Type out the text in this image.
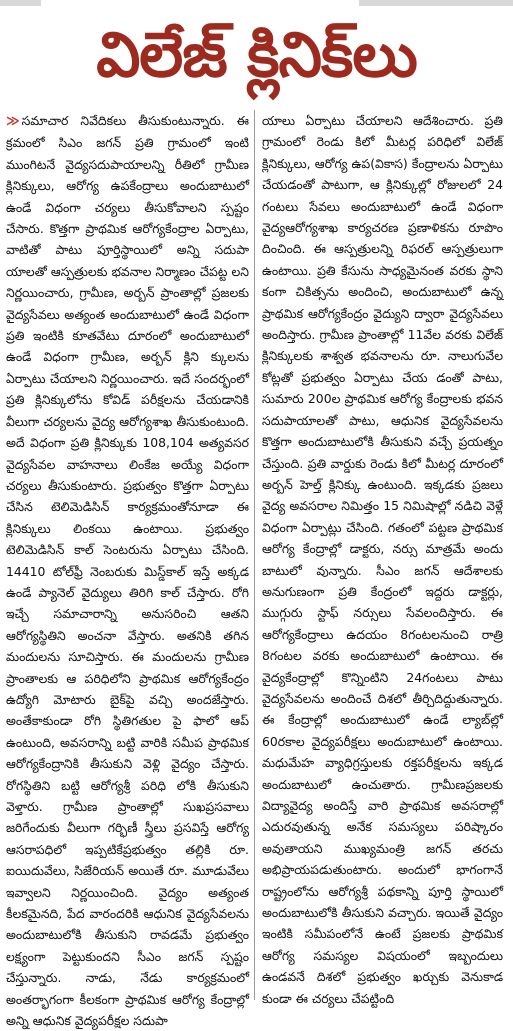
విలేజ్ క్లినిక్‌లు
≫ సమాచార నివేదికలు తీసుకుంటున్నారు. ఈ క్రమంలో సిఎం జగన్ ప్రతి గ్రామంలో ఇంటి ముంగిటనే వైద్యసదుపాయాలన్ని రీతిలో గ్రామీణ క్లినిక్కులు, ఆరోగ్య ఉపకేంద్రాలు అందుబాటులో ఉండే విధంగా చర్యలు తీసుకోవాలని స్పష్టం చేసారు. కొత్తగా ప్రాథమిక ఆరోగ్యకేంద్రాల ఏర్పాటు, వాటితో పాటు పూర్తిస్థాయిలో అన్ని సదుపా యాలతో ఆస్పత్రులకు భవనాల నిర్మాణం చేపట్ట లని నిర్ణయించారు, గ్రామీణ, అర్బన్ ప్రాంతాల్లో ప్రజలకు వైద్యసేవలు అత్యంత అందుబాటులో ఉండే విధంగా ప్రతి ఇంటికి కూతవేటు దూరంలో అందుబాటులో ఉండే విధంగా గ్రామీణ, అర్బన్ క్లిని క్కులను ఏర్పాటు చేయాలని నిర్ణయించారు. ఇదే సందర్భంలో ప్రతి క్లినిక్కులోను కోవిడ్ పరీక్షలను చేయడానికి వీలుగా చర్యలను వైద్య ఆరోగ్యశాఖ తీసుకుంటుంది. అదే విధంగా ప్రతి క్లినిక్కుకు 108,104 అత్యవసర వైద్యసేవల వాహనాలు లింకేజ అయ్యే విధంగా చర్యలు తీసుకుంటారు. ప్రభుత్వం కొత్తగా ఏర్పాటు చేసిన టెలిమెడిసిన్ కార్యక్రమంతోనూడా ఈ క్లినిక్కులు లింకయి ఉంటాయి. ప్రభుత్వం టెలిమెడిసిన్ కాల్ సెంటరును ఏర్పాటు చేసింది. 14410 టోల్‌ఫ్రీ నెంబరుకు మిస్డ్‌కాల్ ఇస్తే అక్కడ ఉండే ప్యానెల్ వైద్యులు తిరిగి కాల్ చేస్తారు. రోగి ఇచ్చే సమాచారాన్ని అనుసరించి ఆతని ఆరోగ్యస్థితిని అంచనా వేస్తారు. అతనికి తగిన మందులను సూచిస్తారు. ఈ మందులను గ్రామీణ ప్రాంతాలకు ఆ పరిధిలోని ప్రాథమిక ఆరోగ్యకేంద్రం ఉద్యోగి మోటారు బైక్‌పై వచ్చి అందజేస్తారు. అంతేకాకుండా రోగి స్థితిగతుల పై ఫాలో ఆప్ ఉంటుంది, అవసరాన్ని బట్టి వారికి సమీప ప్రాథమిక ఆరోగ్యకేంద్రానికి తీసుకుని వెళ్లి వైద్యం చేస్తారు. రోగస్థితిని బట్టి ఆరోగ్యశ్రీ పరిధి లోకి తీసుకుని వెళ్తారు. గ్రామీణ ప్రాంతాల్లో సుఖప్రసవాలు జరిగేందుకు వీలుగా గర్భిణీ స్త్రీలు ప్రసవిస్తే ఆరోగ్య ఆసరాపధిలో ఇప్పటికేప్రభుత్వం తల్లికి రూ. ఐయిదువేలు, సిజేరియన్ అయితే రూ. మూడువేలు ఇవ్వాలని నిర్ణయించింది. వైద్యం అత్యంత కీలకమైనది, పేద వారందరికి ఆధునిక వైద్యసేవలను అందుబాటులోకి తీసుకుని రావడమే ప్రభుత్వం లక్ష్యంగా పెట్టుకుందని సీఎం జగన్ స్పష్టం చేస్తున్నారు. నాడు, నేడు కార్యక్రమంలో అంతర్భాగంగా కీలకంగా ప్రాథమిక ఆరోగ్య కేంద్రాల్లో అన్ని ఆధునిక వైద్యపరీక్షల సదుపా
యాలు ఏర్పాటు చేయాలని ఆదేశించారు. ప్రతి గ్రామంలో రెండు కిలో మీటర్ల పరిధిలో విలేజ్ క్లినిక్కులు, ఆరోగ్య ఉప(వికాస) కేంద్రాలను ఏర్పాటు చేయడంతో పాటుగా, ఆ క్లినిక్కుల్లో రోజులలో 24 గంటలు సేవలు అందుబాటులో ఉండే విధంగా వైద్యఆరోగ్యశాఖ కార్యచరణ ప్రణాళికను రూపొం దించింది. ఈ ఆస్పత్రులన్ని రిఫరల్ ఆస్పత్రులుగా ఉంటాయి. ప్రతి కేసును సాధ్యమైనంత వరకు స్థాని కంగా చికిత్సను అందించి, అందుబాటులో ఉన్న ప్రాథమిక ఆరోగ్యకేంద్రం వైద్యుని ద్వారా వైద్యసేవలు అందిస్తారు. గ్రామీణ ప్రాంతాల్లో 11వేల వరకు విలేజ్ క్లినిక్కులకు శాశ్వత భవనాలను రూ. నాలుగువేల కోట్లతో ప్రభుత్వం ఏర్పాటు చేయ డంతో పాటు, సుమారు 200ల ప్రాథమిక ఆరోగ్య కేంద్రాలకు భవన సదుపాయాలతో పాటు, ఆధునిక వైద్యసేవలను కొత్తగా అందుబాటులోకి తీసుకుని వచ్చే ప్రయత్నం చేస్తుంది. ప్రతి వార్డుకు రెండు కిలో మీటర్ల దూరంలో అర్బన్ హెల్త్ క్లినిక్కు ఉంటుంది. ఇక్కడకు ప్రజలు వైద్య అవసరాల నిమిత్తం 15 నిమిషాల్లో నడిచి వెళ్లే విధంగా ఏర్పాట్లు చేసింది. గతంలో పట్టణ ప్రాథమిక ఆరోగ్య కేంద్రాల్లో డాక్టరు, నర్సు మాత్రమే అందు బాటులో వున్నారు. సీఎం జగన్ ఆదేశాలకు అనుగుణంగా ప్రతి కేంద్రంలో ఇద్దరు డాక్టర్లు, ముగ్గురు స్టాఫ్ నర్సులు సేవలందిస్తారు. ఈ ఆరోగ్యకేంద్రాలు ఉదయం 8గంటలనుంచి రాత్రి 8గంటల వరకు అందుబాటులో ఉంటాయి. ఈ వైద్యకేంద్రాల్లో కొన్నింటిని 24గంటలు పాటు వైద్యసేవలను అందించే దిశలో తీర్చిదిద్దుతున్నారు. ఈ కేంద్రాల్లో అందుబాటులో ఉండే ల్యాబ్‌ల్లో 60రకాల వైద్యపరీక్షలు అందుబాటులో ఉంటాయి. మధుమేహ వ్యాధిగ్రస్తులకు రక్తపరీక్షలను ఇక్కడ అందుబాటులో ఉంచుతారు. గ్రామీణప్రజలకు విద్యావైద్య అందిస్తే వారి ప్రాథమిక అవసరాల్లో ఎదురవుతున్న అనేక సమస్యలు పరిష్కారం అవుతాయని ముఖ్యమంత్రి జగన్ తరచు అభిప్రాయపడుతుంటారు. అందులో భాగంగానే రాష్ట్రంలోను ఆరోగ్యశ్రీ పథకాన్ని పూర్తి స్థాయిలో అందుబాటులోకి తీసుకుని వచ్చారు. ఇయితే వైద్యం ఇంటికి సమీపంలోనే ఉంటే ప్రజలకు ప్రాథమిక ఆరోగ్య సమస్యల విషయంలో ఇబ్బందులు ఉండవనే దిశలో ప్రభుత్వం ఖర్చుకు వెనుకాడ కుండా ఈ చర్యలు చేపట్టింది
